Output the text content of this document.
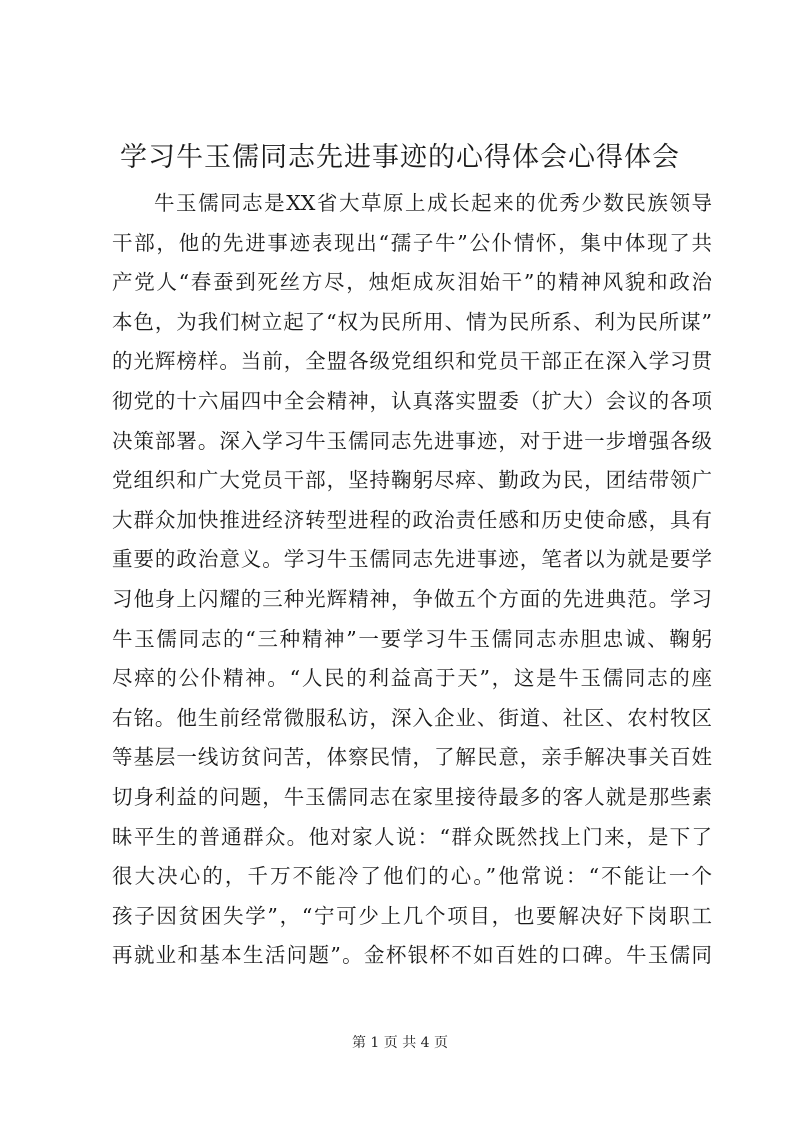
学习牛玉儒同志先进事迹的心得体会心得体会
牛玉儒同志是XX省大草原上成长起来的优秀少数民族领导
干部，他的先进事迹表现出“孺子牛”公仆情怀，集中体现了共
产党人“春蚕到死丝方尽，烛炬成灰泪始干”的精神风貌和政治
本色，为我们树立起了“权为民所用、情为民所系、利为民所谋”
的光辉榜样。当前，全盟各级党组织和党员干部正在深入学习贯
彻党的十六届四中全会精神，认真落实盟委（扩大）会议的各项
决策部署。深入学习牛玉儒同志先进事迹，对于进一步增强各级
党组织和广大党员干部，坚持鞠躬尽瘁、勤政为民，团结带领广
大群众加快推进经济转型进程的政治责任感和历史使命感，具有
重要的政治意义。学习牛玉儒同志先进事迹，笔者以为就是要学
习他身上闪耀的三种光辉精神，争做五个方面的先进典范。学习
牛玉儒同志的“三种精神”一要学习牛玉儒同志赤胆忠诚、鞠躬
尽瘁的公仆精神。“人民的利益高于天”，这是牛玉儒同志的座
右铭。他生前经常微服私访，深入企业、街道、社区、农村牧区
等基层一线访贫问苦，体察民情，了解民意，亲手解决事关百姓
切身利益的问题，牛玉儒同志在家里接待最多的客人就是那些素
昧平生的普通群众。他对家人说：“群众既然找上门来，是下了
很大决心的，千万不能冷了他们的心。”他常说：“不能让一个
孩子因贫困失学”，“宁可少上几个项目，也要解决好下岗职工
再就业和基本生活问题”。金杯银杯不如百姓的口碑。牛玉儒同
第 1 页 共 4 页
